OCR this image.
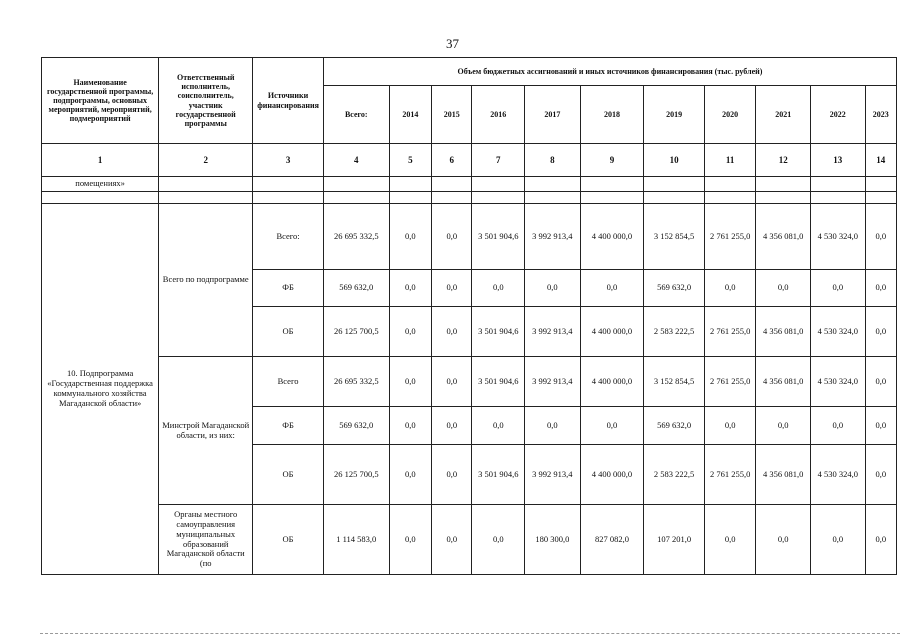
37
Наименование государственной программы, подпрограммы, основных мероприятий, мероприятий, подмероприятий	Ответственный исполнитель, соисполнитель, участник государственной программы	Источники финансирования	Объем бюджетных ассигнований и иных источников финансирования (тыс. рублей)										
			Всего:	2014	2015	2016	2017	2018	2019	2020	2021	2022	2023
1	2	3	4	5	6	7	8	9	10	11	12	13	14
помещениях»													

10. Подпрограмма «Государственная поддержка коммунального хозяйства Магаданской области»	Всего по подпрограмме	Всего:	26 695 332,5	0,0	0,0	3 501 904,6	3 992 913,4	4 400 000,0	3 152 854,5	2 761 255,0	4 356 081,0	4 530 324,0	0,0
		ФБ	569 632,0	0,0	0,0	0,0	0,0	0,0	569 632,0	0,0	0,0	0,0	0,0
		ОБ	26 125 700,5	0,0	0,0	3 501 904,6	3 992 913,4	4 400 000,0	2 583 222,5	2 761 255,0	4 356 081,0	4 530 324,0	0,0
	Минстрой Магаданской области, из них:	Всего	26 695 332,5	0,0	0,0	3 501 904,6	3 992 913,4	4 400 000,0	3 152 854,5	2 761 255,0	4 356 081,0	4 530 324,0	0,0
		ФБ	569 632,0	0,0	0,0	0,0	0,0	0,0	569 632,0	0,0	0,0	0,0	0,0
		ОБ	26 125 700,5	0,0	0,0	3 501 904,6	3 992 913,4	4 400 000,0	2 583 222,5	2 761 255,0	4 356 081,0	4 530 324,0	0,0
	Органы местного самоуправления муниципальных образований Магаданской области (по	ОБ	1 114 583,0	0,0	0,0	0,0	180 300,0	827 082,0	107 201,0	0,0	0,0	0,0	0,0
